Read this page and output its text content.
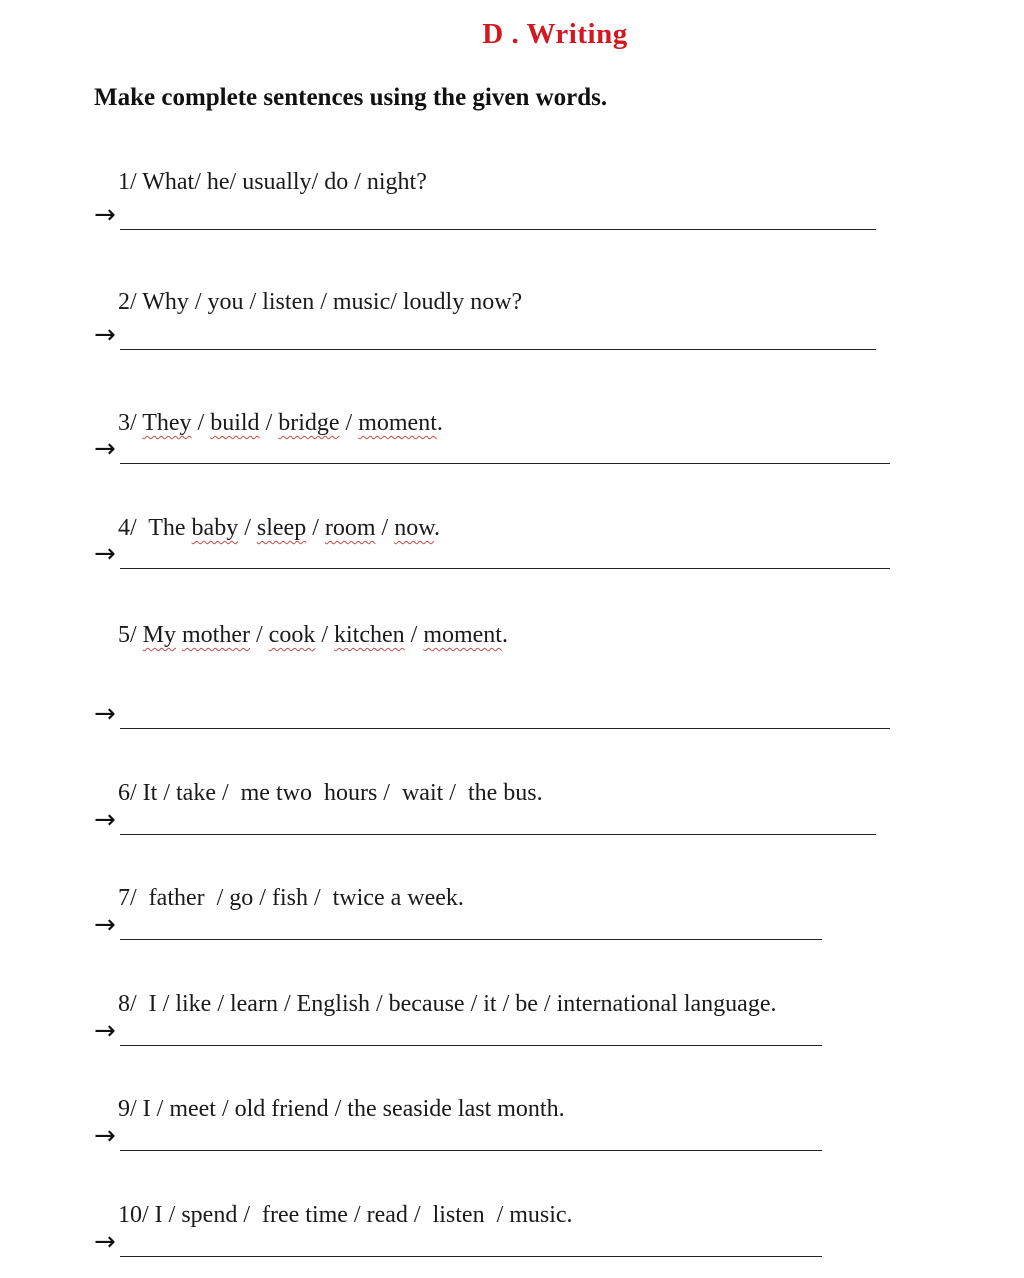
D . Writing
Make complete sentences using the given words.

1/ What/ he/ usually/ do / night?

→

2/ Why / you / listen / music/ loudly now?

→

3/ They / build / bridge / moment.

→

4/  The baby / sleep / room / now.

→

5/ My mother / cook / kitchen / moment.

→

6/ It / take /  me two  hours /  wait /  the bus.

→

7/  father  / go / fish /  twice a week.

→

8/  I / like / learn / English / because / it / be / international language.

→

9/ I / meet / old friend / the seaside last month.

→

10/ I / spend /  free time / read /  listen  / music.

→
